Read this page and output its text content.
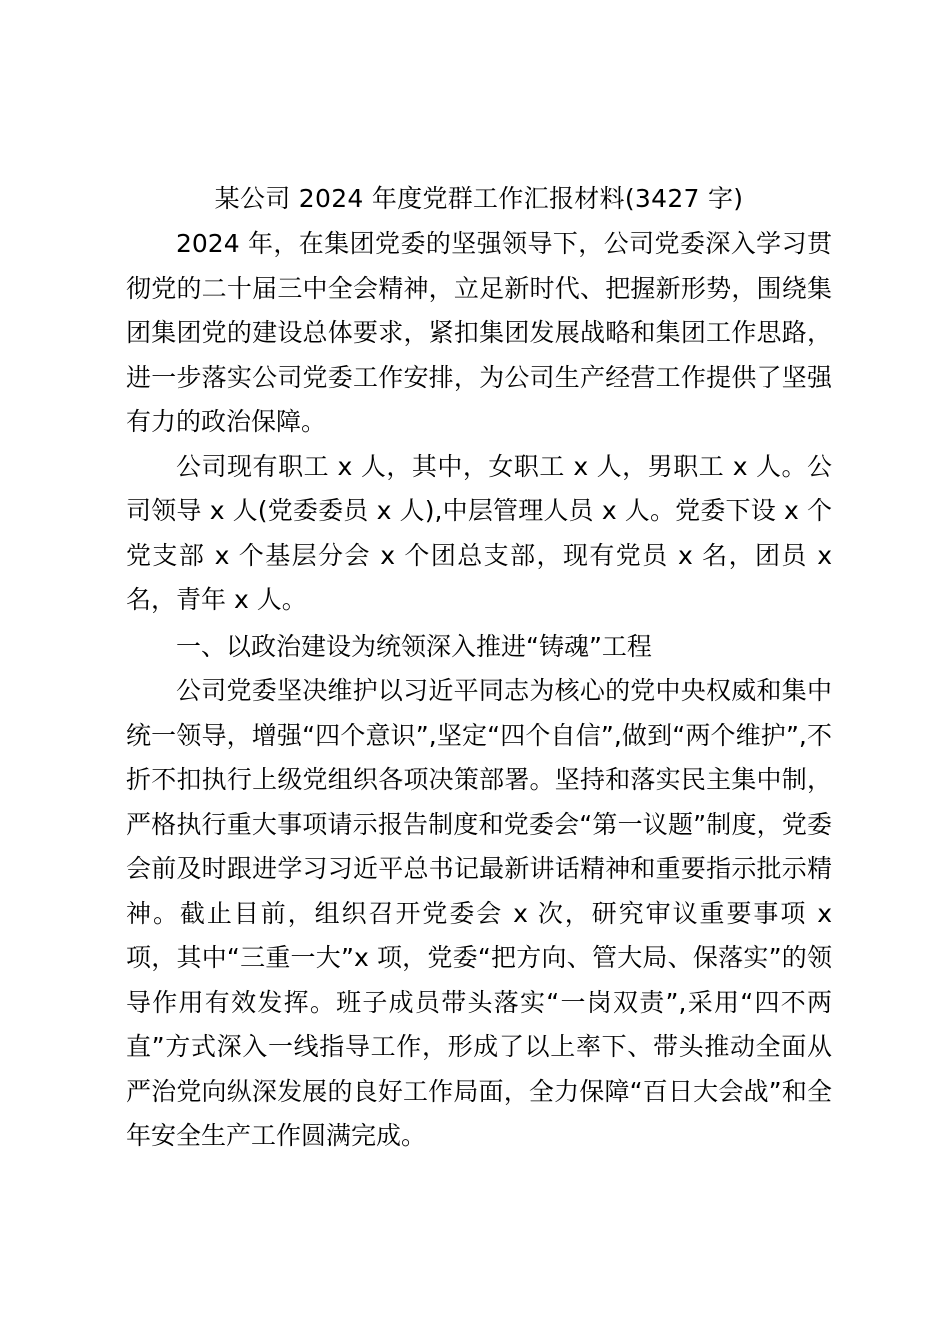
某公司 2024 年度党群工作汇报材料(3427 字)

2024 年，在集团党委的坚强领导下，公司党委深入学习贯彻党的二十届三中全会精神，立足新时代、把握新形势，围绕集团集团党的建设总体要求，紧扣集团发展战略和集团工作思路，进一步落实公司党委工作安排，为公司生产经营工作提供了坚强有力的政治保障。

公司现有职工 x 人，其中，女职工 x 人，男职工 x 人。公司领导 x 人(党委委员 x 人),中层管理人员 x 人。党委下设 x 个党支部 x 个基层分会 x 个团总支部，现有党员 x 名，团员 x 名，青年 x 人。

一、以政治建设为统领深入推进“铸魂”工程

公司党委坚决维护以习近平同志为核心的党中央权威和集中统一领导，增强“四个意识”,坚定“四个自信”,做到“两个维护”,不折不扣执行上级党组织各项决策部署。坚持和落实民主集中制，严格执行重大事项请示报告制度和党委会“第一议题”制度，党委会前及时跟进学习习近平总书记最新讲话精神和重要指示批示精神。截止目前，组织召开党委会 x 次，研究审议重要事项 x 项，其中“三重一大”x 项，党委“把方向、管大局、保落实”的领导作用有效发挥。班子成员带头落实“一岗双责”,采用“四不两直”方式深入一线指导工作，形成了以上率下、带头推动全面从严治党向纵深发展的良好工作局面，全力保障“百日大会战”和全年安全生产工作圆满完成。
